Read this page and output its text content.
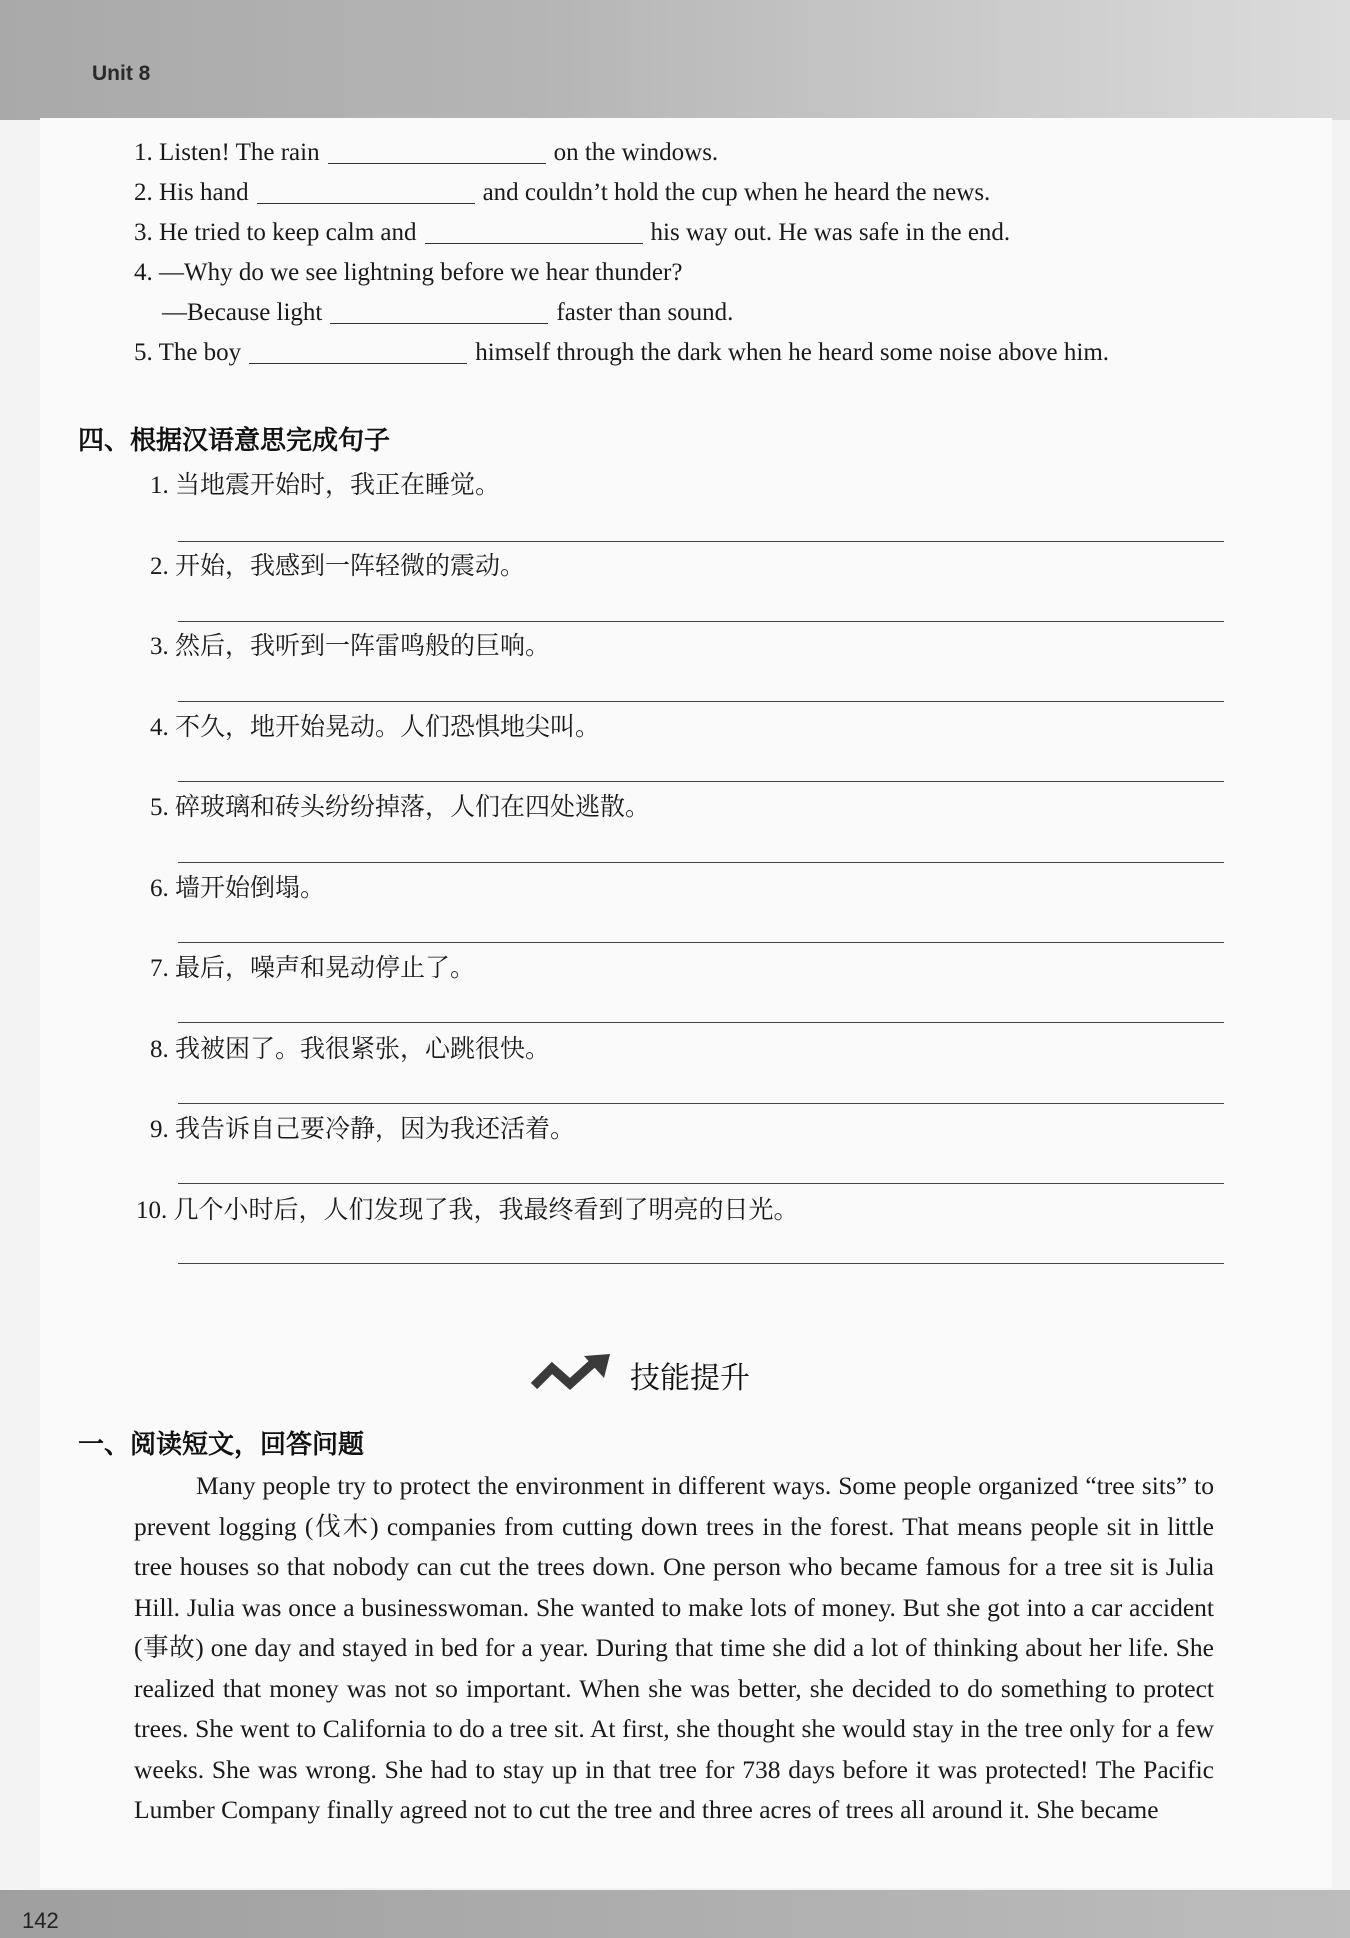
Unit 8
1. Listen! The rain	on the windows.
2. His hand	and couldn’t hold the cup when he heard the news.
3. He tried to keep calm and	his way out. He was safe in the end.
4. —Why do we see lightning before we hear thunder?
—Because light	faster than sound.
5. The boy	himself through the dark when he heard some noise above him.
四、根据汉语意思完成句子
1. 当地震开始时，我正在睡觉。
2. 开始，我感到一阵轻微的震动。
3. 然后，我听到一阵雷鸣般的巨响。
4. 不久，地开始晃动。人们恐惧地尖叫。
5. 碎玻璃和砖头纷纷掉落，人们在四处逃散。
6. 墙开始倒塌。
7. 最后，噪声和晃动停止了。
8. 我被困了。我很紧张，心跳很快。
9. 我告诉自己要冷静，因为我还活着。
10. 几个小时后，人们发现了我，我最终看到了明亮的日光。
技能提升
一、阅读短文，回答问题
Many people try to protect the environment in different ways. Some people organized “tree sits” to prevent logging (伐木) companies from cutting down trees in the forest. That means people sit in little tree houses so that nobody can cut the trees down. One person who became famous for a tree sit is Julia Hill. Julia was once a businesswoman. She wanted to make lots of money. But she got into a car accident (事故) one day and stayed in bed for a year. During that time she did a lot of thinking about her life. She realized that money was not so important. When she was better, she decided to do something to protect trees. She went to California to do a tree sit. At first, she thought she would stay in the tree only for a few weeks. She was wrong. She had to stay up in that tree for 738 days before it was protected! The Pacific Lumber Company finally agreed not to cut the tree and three acres of trees all around it. She became
142
